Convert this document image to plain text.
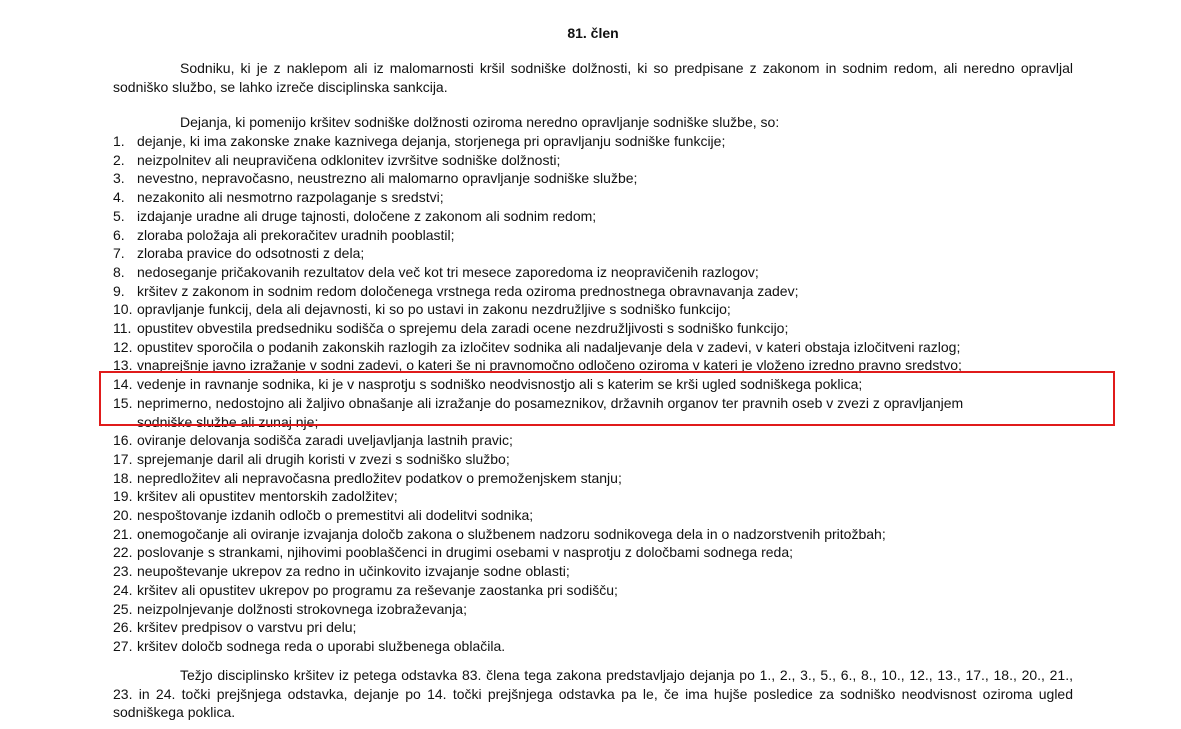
81. člen
Sodniku, ki je z naklepom ali iz malomarnosti kršil sodniške dolžnosti, ki so predpisane z zakonom in sodnim redom, ali neredno opravljal sodniško službo, se lahko izreče disciplinska sankcija.
Dejanja, ki pomenijo kršitev sodniške dolžnosti oziroma neredno opravljanje sodniške službe, so:
1. dejanje, ki ima zakonske znake kaznivega dejanja, storjenega pri opravljanju sodniške funkcije;
2. neizpolnitev ali neupravičena odklonitev izvršitve sodniške dolžnosti;
3. nevestno, nepravočasno, neustrezno ali malomarno opravljanje sodniške službe;
4. nezakonito ali nesmotrno razpolaganje s sredstvi;
5. izdajanje uradne ali druge tajnosti, določene z zakonom ali sodnim redom;
6. zloraba položaja ali prekoračitev uradnih pooblastil;
7. zloraba pravice do odsotnosti z dela;
8. nedoseganje pričakovanih rezultatov dela več kot tri mesece zaporedoma iz neopravičenih razlogov;
9. kršitev z zakonom in sodnim redom določenega vrstnega reda oziroma prednostnega obravnavanja zadev;
10. opravljanje funkcij, dela ali dejavnosti, ki so po ustavi in zakonu nezdružljive s sodniško funkcijo;
11. opustitev obvestila predsedniku sodišča o sprejemu dela zaradi ocene nezdružljivosti s sodniško funkcijo;
12. opustitev sporočila o podanih zakonskih razlogih za izločitev sodnika ali nadaljevanje dela v zadevi, v kateri obstaja izločitveni razlog;
13. vnaprejšnje javno izražanje v sodni zadevi, o kateri še ni pravnomočno odločeno oziroma v kateri je vloženo izredno pravno sredstvo;
14. vedenje in ravnanje sodnika, ki je v nasprotju s sodniško neodvisnostjo ali s katerim se krši ugled sodniškega poklica;
15. neprimerno, nedostojno ali žaljivo obnašanje ali izražanje do posameznikov, državnih organov ter pravnih oseb v zvezi z opravljanjem sodniške službe ali zunaj nje;
16. oviranje delovanja sodišča zaradi uveljavljanja lastnih pravic;
17. sprejemanje daril ali drugih koristi v zvezi s sodniško službo;
18. nepredložitev ali nepravočasna predložitev podatkov o premoženjskem stanju;
19. kršitev ali opustitev mentorskih zadolžitev;
20. nespoštovanje izdanih odločb o premestitvi ali dodelitvi sodnika;
21. onemogočanje ali oviranje izvajanja določb zakona o službenem nadzoru sodnikovega dela in o nadzorstvenih pritožbah;
22. poslovanje s strankami, njihovimi pooblaščenci in drugimi osebami v nasprotju z določbami sodnega reda;
23. neupoštevanje ukrepov za redno in učinkovito izvajanje sodne oblasti;
24. kršitev ali opustitev ukrepov po programu za reševanje zaostanka pri sodišču;
25. neizpolnjevanje dolžnosti strokovnega izobraževanja;
26. kršitev predpisov o varstvu pri delu;
27. kršitev določb sodnega reda o uporabi službenega oblačila.
Težjo disciplinsko kršitev iz petega odstavka 83. člena tega zakona predstavljajo dejanja po 1., 2., 3., 5., 6., 8., 10., 12., 13., 17., 18., 20., 21., 23. in 24. točki prejšnjega odstavka, dejanje po 14. točki prejšnjega odstavka pa le, če ima hujše posledice za sodniško neodvisnost oziroma ugled sodniškega poklica.
